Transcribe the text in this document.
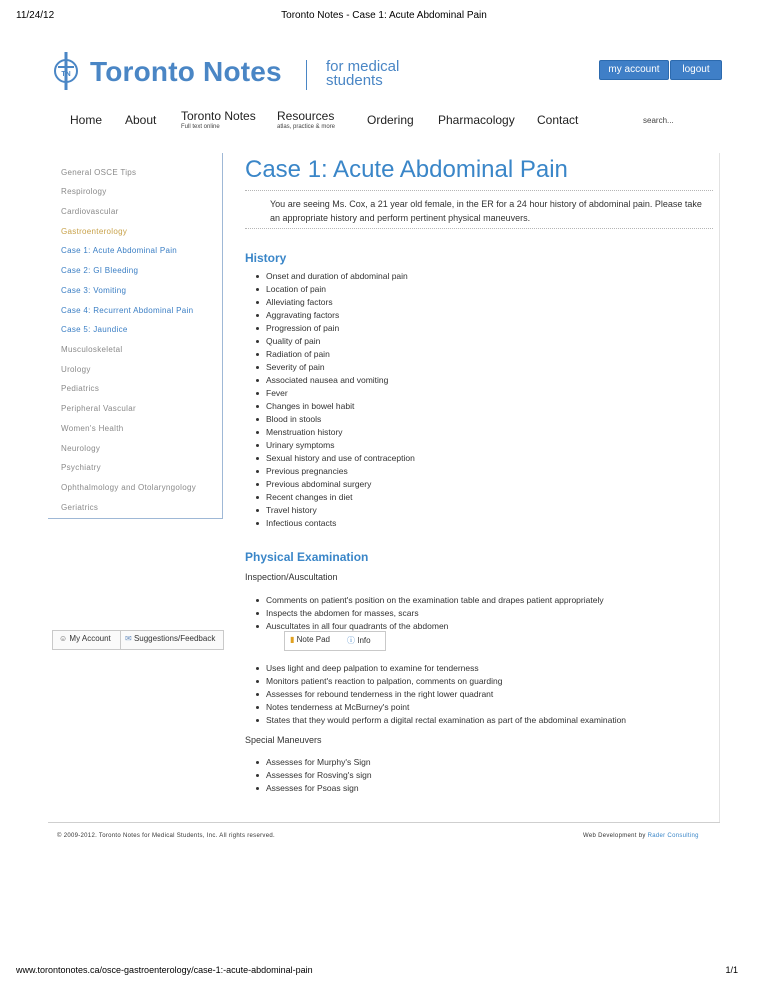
11/24/12	Toronto Notes - Case 1: Acute Abdominal Pain
TN Toronto Notes	for medical
students
my account	logout
Home About Toronto Notes
Full text online
Resources
atlas, practice & more	Ordering Pharmacology Contact	search...
General OSCE Tips
Respirology
Cardiovascular
Gastroenterology
Case 1: Acute Abdominal Pain
Case 2: GI Bleeding
Case 3: Vomiting
Case 4: Recurrent Abdominal Pain
Case 5: Jaundice
Musculoskeletal
Urology
Pediatrics
Peripheral Vascular
Women's Health
Neurology
Psychiatry
Ophthalmology and Otolaryngology
Geriatrics
☺ My Account ✉ Suggestions/Feedback
Case 1: Acute Abdominal Pain
You are seeing Ms. Cox, a 21 year old female, in the ER for a 24 hour history of abdominal pain. Please take an appropriate history and perform pertinent physical maneuvers.
History
Onset and duration of abdominal pain
Location of pain
Alleviating factors
Aggravating factors
Progression of pain
Quality of pain
Radiation of pain
Severity of pain
Associated nausea and vomiting
Fever
Changes in bowel habit
Blood in stools
Menstruation history
Urinary symptoms
Sexual history and use of contraception
Previous pregnancies
Previous abdominal surgery
Recent changes in diet
Travel history
Infectious contacts
Physical Examination
Inspection/Auscultation
Comments on patient's position on the examination table and drapes patient appropriately
Inspects the abdomen for masses, scars
Auscultates in all four quadrants of the abdomen
▮ Note Pad ⓘ Info
Uses light and deep palpation to examine for tenderness
Monitors patient's reaction to palpation, comments on guarding
Assesses for rebound tenderness in the right lower quadrant
Notes tenderness at McBurney's point
States that they would perform a digital rectal examination as part of the abdominal examination
Special Maneuvers
Assesses for Murphy's Sign
Assesses for Rosving's sign
Assesses for Psoas sign
© 2009-2012. Toronto Notes for Medical Students, Inc. All rights reserved.	Web Development by Rader Consulting
www.torontonotes.ca/osce-gastroenterology/case-1:-acute-abdominal-pain	1/1
